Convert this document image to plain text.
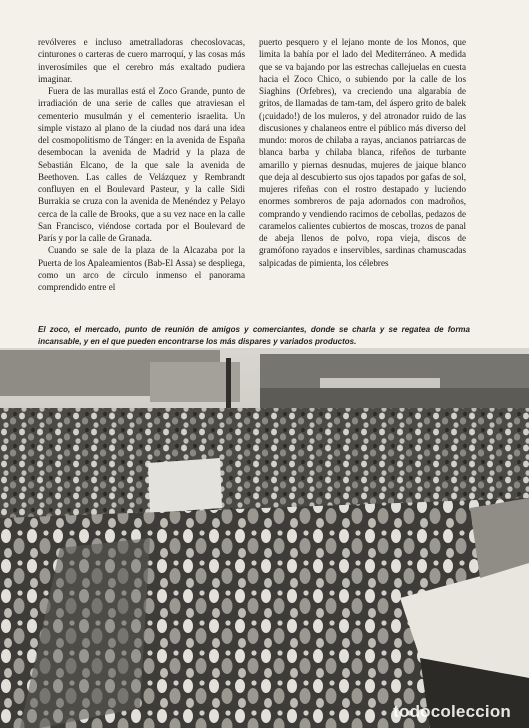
revólveres e incluso ametralladoras checoslovacas, cinturones o carteras de cuero marroquí, y las cosas más inverosímiles que el cerebro más exaltado pudiera imaginar.

Fuera de las murallas está el Zoco Grande, punto de irradiación de una serie de calles que atraviesan el cementerio musulmán y el cementerio israelita. Un simple vistazo al plano de la ciudad nos dará una idea del cosmopolitismo de Tánger: en la avenida de España desembocan la avenida de Madrid y la plaza de Sebastián Elcano, de la que sale la avenida de Beethoven. Las calles de Velázquez y Rembrandt confluyen en el Boulevard Pasteur, y la calle Sidi Burrakia se cruza con la avenida de Menéndez y Pelayo cerca de la calle de Brooks, que a su vez nace en la calle San Francisco, viéndose cortada por el Boulevard de París y por la calle de Granada.

Cuando se sale de la plaza de la Alcazaba por la Puerta de los Apaleamientos (Bab-El Assa) se despliega, como un arco de círculo inmenso el panorama comprendido entre el

puerto pesquero y el lejano monte de los Monos, que limita la bahía por el lado del Mediterráneo. A medida que se va bajando por las estrechas callejuelas en cuesta hacia el Zoco Chico, o subiendo por la calle de los Siaghins (Orfebres), va creciendo una algarabía de gritos, de llamadas de tam-tam, del áspero grito de balek (¡cuidado!) de los muleros, y del atronador ruido de las discusiones y chalaneos entre el público más diverso del mundo: moros de chilaba a rayas, ancianos patriarcas de blanca barba y chilaba blanca, rifeños de turbante amarillo y piernas desnudas, mujeres de jaique blanco que deja al descubierto sus ojos tapados por gafas de sol, mujeres rifeñas con el rostro destapado y luciendo enormes sombreros de paja adornados con madroños, comprando y vendiendo racimos de cebollas, pedazos de caramelos calientes cubiertos de moscas, trozos de panal de abeja llenos de polvo, ropa vieja, discos de gramófono rayados e inservibles, sardinas chamuscadas salpicadas de pimienta, los célebres

El zoco, el mercado, punto de reunión de amigos y comerciantes, donde se charla y se regatea de forma incansable, y en el que pueden encontrarse los más dispares y variados productos.
todocoleccion
